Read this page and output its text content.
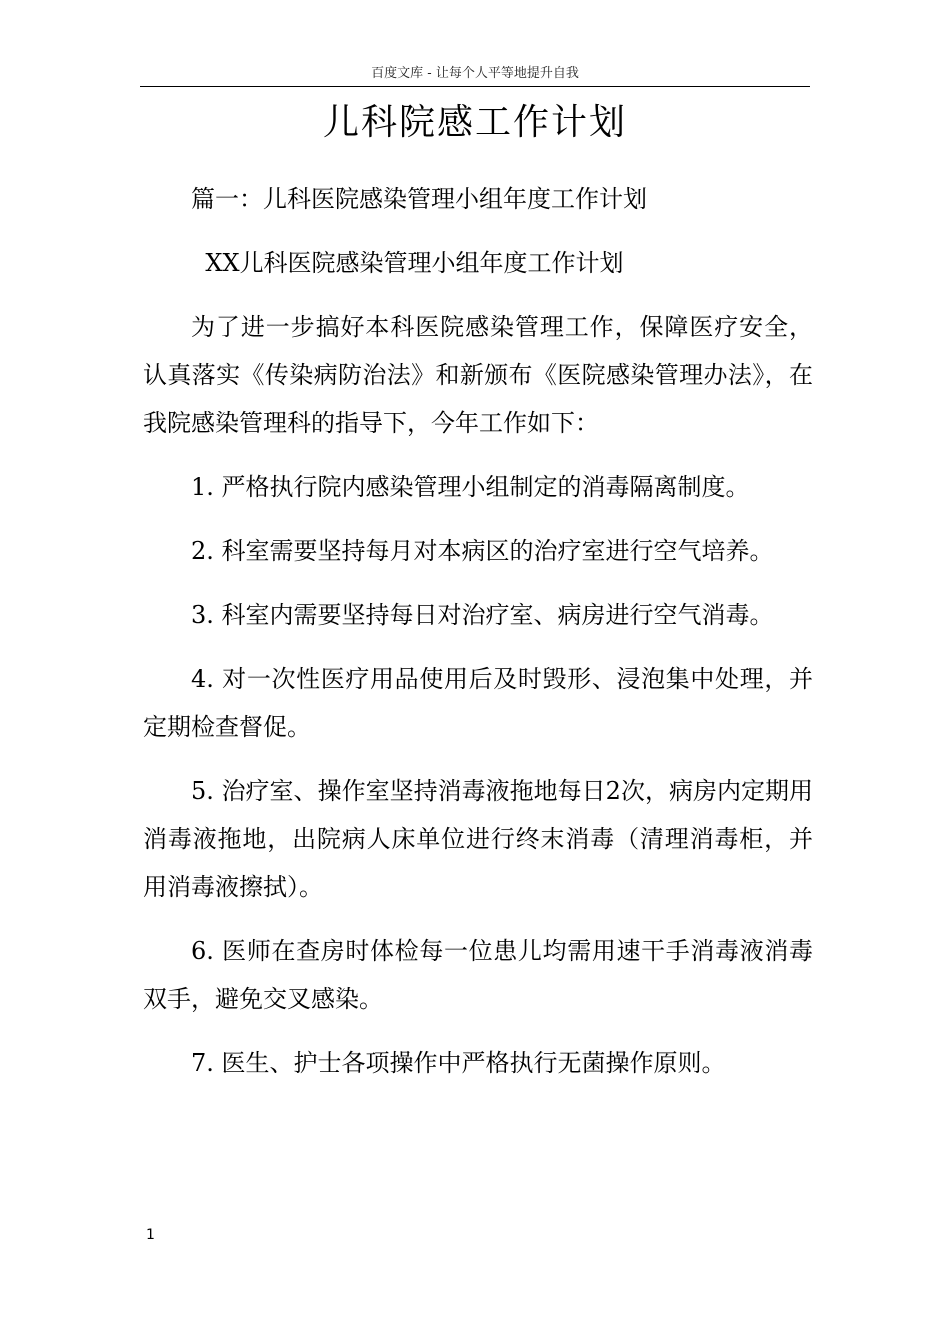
百度文库 - 让每个人平等地提升自我
儿科院感工作计划

篇一：儿科医院感染管理小组年度工作计划

XX儿科医院感染管理小组年度工作计划

为了进一步搞好本科医院感染管理工作，保障医疗安全，认真落实《传染病防治法》和新颁布《医院感染管理办法》，在我院感染管理科的指导下，今年工作如下：

1. 严格执行院内感染管理小组制定的消毒隔离制度。

2. 科室需要坚持每月对本病区的治疗室进行空气培养。

3. 科室内需要坚持每日对治疗室、病房进行空气消毒。

4. 对一次性医疗用品使用后及时毁形、浸泡集中处理，并定期检查督促。

5. 治疗室、操作室坚持消毒液拖地每日2次，病房内定期用消毒液拖地，出院病人床单位进行终末消毒（清理消毒柜，并用消毒液擦拭）。

6. 医师在查房时体检每一位患儿均需用速干手消毒液消毒双手，避免交叉感染。

7. 医生、护士各项操作中严格执行无菌操作原则。

1
